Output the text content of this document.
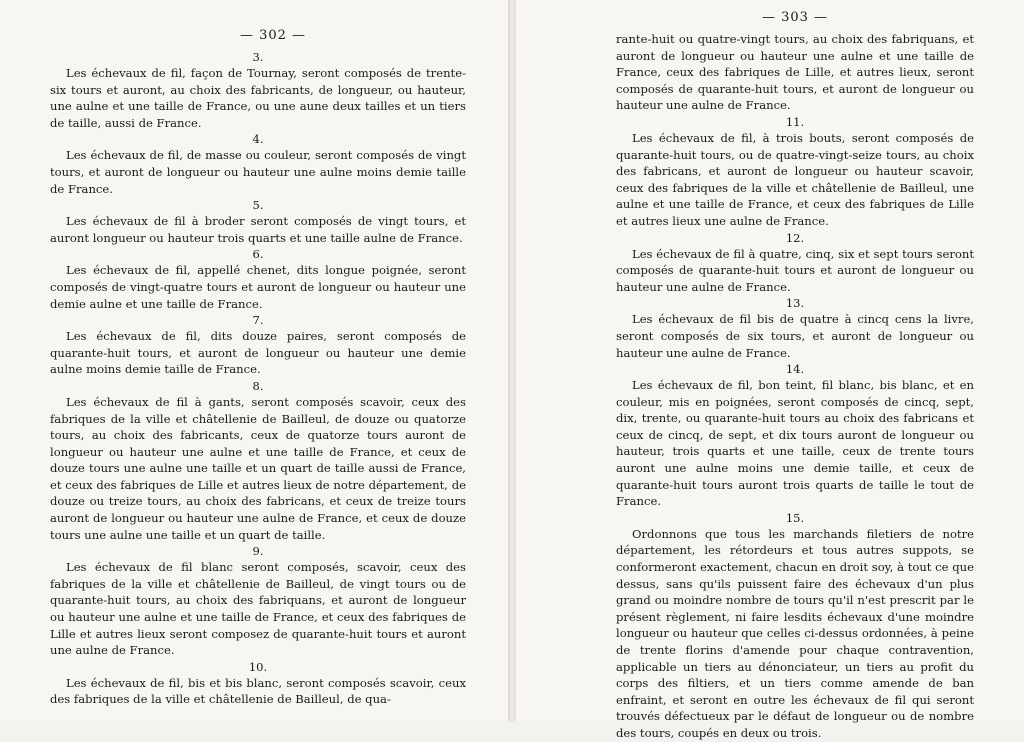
— 302 —

3.

Les échevaux de fil, façon de Tournay, seront composés de trente-six tours et auront, au choix des fabricants, de longueur, ou hauteur, une aulne et une taille de France, ou une aune deux tailles et un tiers de taille, aussi de France.

4.

Les échevaux de fil, de masse ou couleur, seront composés de vingt tours, et auront de longueur ou hauteur une aulne moins demie taille de France.

5.

Les échevaux de fil à broder seront composés de vingt tours, et auront longueur ou hauteur trois quarts et une taille aulne de France.

6.

Les échevaux de fil, appellé chenet, dits longue poignée, seront composés de vingt-quatre tours et auront de longueur ou hauteur une demie aulne et une taille de France.

7.

Les échevaux de fil, dits douze paires, seront composés de quarante-huit tours, et auront de longueur ou hauteur une demie aulne moins demie taille de France.

8.

Les échevaux de fil à gants, seront composés scavoir, ceux des fabriques de la ville et châtellenie de Bailleul, de douze ou quatorze tours, au choix des fabricants, ceux de quatorze tours auront de longueur ou hauteur une aulne et une taille de France, et ceux de douze tours une aulne une taille et un quart de taille aussi de France, et ceux des fabriques de Lille et autres lieux de notre département, de douze ou treize tours, au choix des fabricans, et ceux de treize tours auront de longueur ou hauteur une aulne de France, et ceux de douze tours une aulne une taille et un quart de taille.

9.

Les échevaux de fil blanc seront composés, scavoir, ceux des fabriques de la ville et châtellenie de Bailleul, de vingt tours ou de quarante-huit tours, au choix des fabriquans, et auront de longueur ou hauteur une aulne et une taille de France, et ceux des fabriques de Lille et autres lieux seront composez de quarante-huit tours et auront une aulne de France.

10.

Les échevaux de fil, bis et bis blanc, seront composés scavoir, ceux des fabriques de la ville et châtellenie de Bailleul, de qua-

— 303 —

rante-huit ou quatre-vingt tours, au choix des fabriquans, et auront de longueur ou hauteur une aulne et une taille de France, ceux des fabriques de Lille, et autres lieux, seront composés de quarante-huit tours, et auront de longueur ou hauteur une aulne de France.

11.

Les échevaux de fil, à trois bouts, seront composés de quarante-huit tours, ou de quatre-vingt-seize tours, au choix des fabricans, et auront de longueur ou hauteur scavoir, ceux des fabriques de la ville et châtellenie de Bailleul, une aulne et une taille de France, et ceux des fabriques de Lille et autres lieux une aulne de France.

12.

Les échevaux de fil à quatre, cinq, six et sept tours seront composés de quarante-huit tours et auront de longueur ou hauteur une aulne de France.

13.

Les échevaux de fil bis de quatre à cincq cens la livre, seront composés de six tours, et auront de longueur ou hauteur une aulne de France.

14.

Les échevaux de fil, bon teint, fil blanc, bis blanc, et en couleur, mis en poignées, seront composés de cincq, sept, dix, trente, ou quarante-huit tours au choix des fabricans et ceux de cincq, de sept, et dix tours auront de longueur ou hauteur, trois quarts et une taille, ceux de trente tours auront une aulne moins une demie taille, et ceux de quarante-huit tours auront trois quarts de taille le tout de France.

15.

Ordonnons que tous les marchands filetiers de notre département, les rétordeurs et tous autres suppots, se conformeront exactement, chacun en droit soy, à tout ce que dessus, sans qu'ils puissent faire des échevaux d'un plus grand ou moindre nombre de tours qu'il n'est prescrit par le présent règlement, ni faire lesdits échevaux d'une moindre longueur ou hauteur que celles ci-dessus ordonnées, à peine de trente florins d'amende pour chaque contravention, applicable un tiers au dénonciateur, un tiers au profit du corps des filtiers, et un tiers comme amende de ban enfraint, et seront en outre les échevaux de fil qui seront trouvés défectueux par le défaut de longueur ou de nombre des tours, coupés en deux ou trois.
